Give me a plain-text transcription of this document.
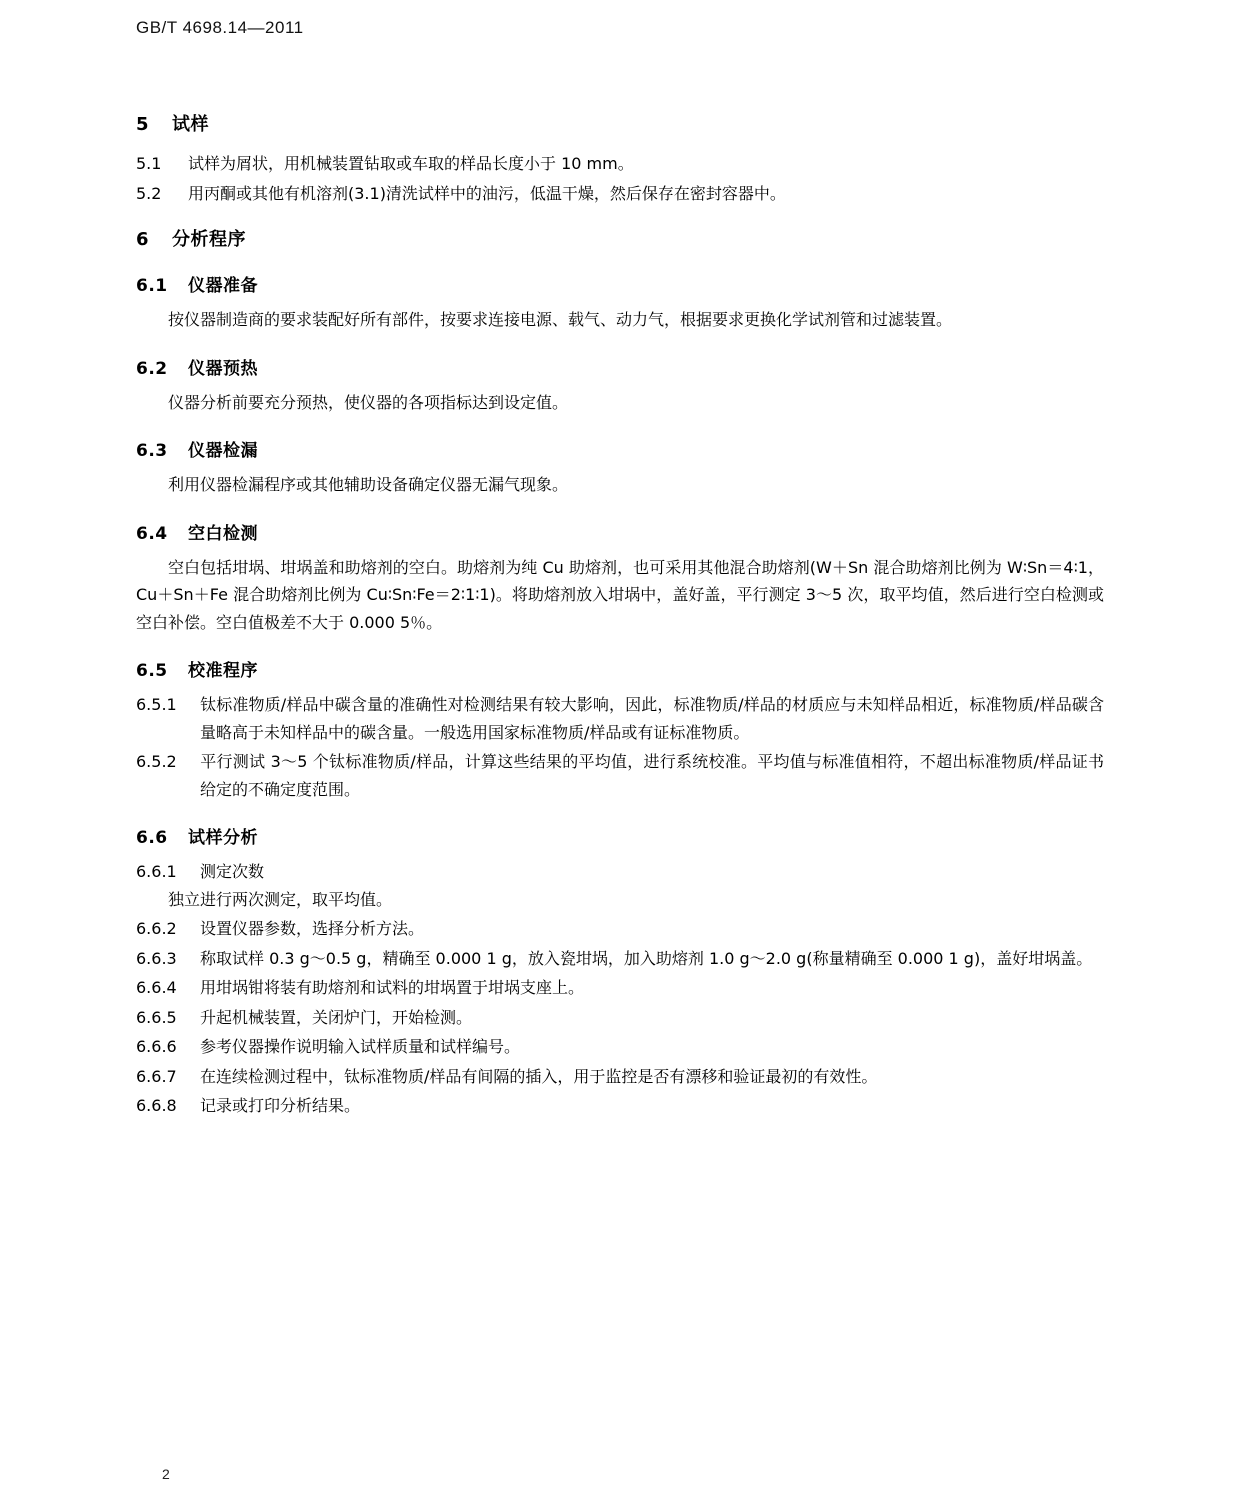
GB/T 4698.14—2011
5 试样
5.1 试样为屑状，用机械装置钻取或车取的样品长度小于 10 mm。
5.2 用丙酮或其他有机溶剂(3.1)清洗试样中的油污，低温干燥，然后保存在密封容器中。
6 分析程序
6.1 仪器准备

按仪器制造商的要求装配好所有部件，按要求连接电源、载气、动力气，根据要求更换化学试剂管和过滤装置。

6.2 仪器预热

仪器分析前要充分预热，使仪器的各项指标达到设定值。

6.3 仪器检漏

利用仪器检漏程序或其他辅助设备确定仪器无漏气现象。

6.4 空白检测

空白包括坩埚、坩埚盖和助熔剂的空白。助熔剂为纯 Cu 助熔剂，也可采用其他混合助熔剂(W＋Sn 混合助熔剂比例为 W∶Sn＝4∶1，Cu＋Sn＋Fe 混合助熔剂比例为 Cu∶Sn∶Fe＝2∶1∶1)。将助熔剂放入坩埚中，盖好盖，平行测定 3～5 次，取平均值，然后进行空白检测或空白补偿。空白值极差不大于 0.000 5％。

6.5 校准程序
6.5.1 钛标准物质/样品中碳含量的准确性对检测结果有较大影响，因此，标准物质/样品的材质应与未知样品相近，标准物质/样品碳含量略高于未知样品中的碳含量。一般选用国家标准物质/样品或有证标准物质。
6.5.2 平行测试 3～5 个钛标准物质/样品，计算这些结果的平均值，进行系统校准。平均值与标准值相符，不超出标准物质/样品证书给定的不确定度范围。
6.6 试样分析
6.6.1 测定次数

独立进行两次测定，取平均值。

6.6.2 设置仪器参数，选择分析方法。
6.6.3 称取试样 0.3 g～0.5 g，精确至 0.000 1 g，放入瓷坩埚，加入助熔剂 1.0 g～2.0 g(称量精确至 0.000 1 g)，盖好坩埚盖。
6.6.4 用坩埚钳将装有助熔剂和试料的坩埚置于坩埚支座上。
6.6.5 升起机械装置，关闭炉门，开始检测。
6.6.6 参考仪器操作说明输入试样质量和试样编号。
6.6.7 在连续检测过程中，钛标准物质/样品有间隔的插入，用于监控是否有漂移和验证最初的有效性。
6.6.8 记录或打印分析结果。
2
